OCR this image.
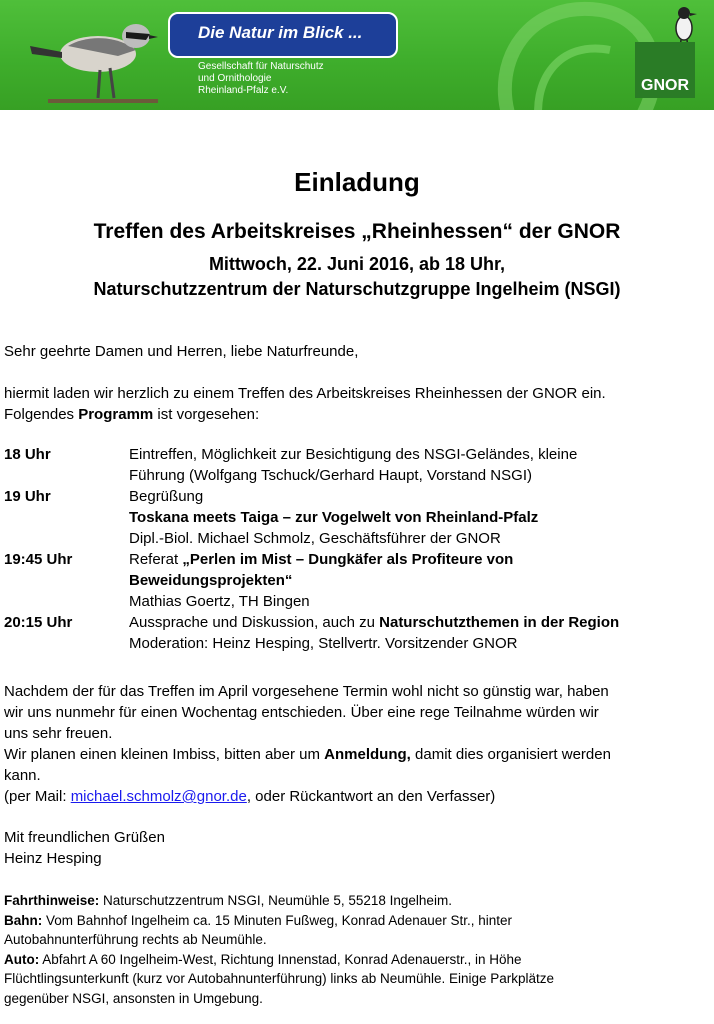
Die Natur im Blick ...
Gesellschaft für Naturschutz
und Ornithologie
Rheinland-Pfalz e.V.	GNOR
Einladung
Treffen des Arbeitskreises „Rheinhessen“ der GNOR
Mittwoch, 22. Juni 2016, ab 18 Uhr,
Naturschutzzentrum der Naturschutzgruppe Ingelheim (NSGI)
Sehr geehrte Damen und Herren, liebe Naturfreunde,
hiermit laden wir herzlich zu einem Treffen des Arbeitskreises Rheinhessen der GNOR ein.
Folgendes Programm ist vorgesehen:
18 Uhr	Eintreffen, Möglichkeit zur Besichtigung des NSGI-Geländes, kleine
Führung (Wolfgang Tschuck/Gerhard Haupt, Vorstand NSGI)
19 Uhr	Begrüßung
Toskana meets Taiga – zur Vogelwelt von Rheinland-Pfalz
Dipl.-Biol. Michael Schmolz, Geschäftsführer der GNOR
19:45 Uhr	Referat „Perlen im Mist – Dungkäfer als Profiteure von
Beweidungsprojekten“
Mathias Goertz, TH Bingen
20:15 Uhr	Aussprache und Diskussion, auch zu Naturschutzthemen in der Region
Moderation: Heinz Hesping, Stellvertr. Vorsitzender GNOR
Nachdem der für das Treffen im April vorgesehene Termin wohl nicht so günstig war, haben
wir uns nunmehr für einen Wochentag entschieden. Über eine rege Teilnahme würden wir
uns sehr freuen.
Wir planen einen kleinen Imbiss, bitten aber um Anmeldung, damit dies organisiert werden
kann.
(per Mail: michael.schmolz@gnor.de, oder Rückantwort an den Verfasser)
Mit freundlichen Grüßen
Heinz Hesping
Fahrthinweise: Naturschutzzentrum NSGI, Neumühle 5, 55218 Ingelheim.
Bahn: Vom Bahnhof Ingelheim ca. 15 Minuten Fußweg, Konrad Adenauer Str., hinter
Autobahnunterführung rechts ab Neumühle.
Auto: Abfahrt A 60 Ingelheim-West, Richtung Innenstad, Konrad Adenauerstr., in Höhe
Flüchtlingsunterkunft (kurz vor Autobahnunterführung) links ab Neumühle. Einige Parkplätze
gegenüber NSGI, ansonsten in Umgebung.
